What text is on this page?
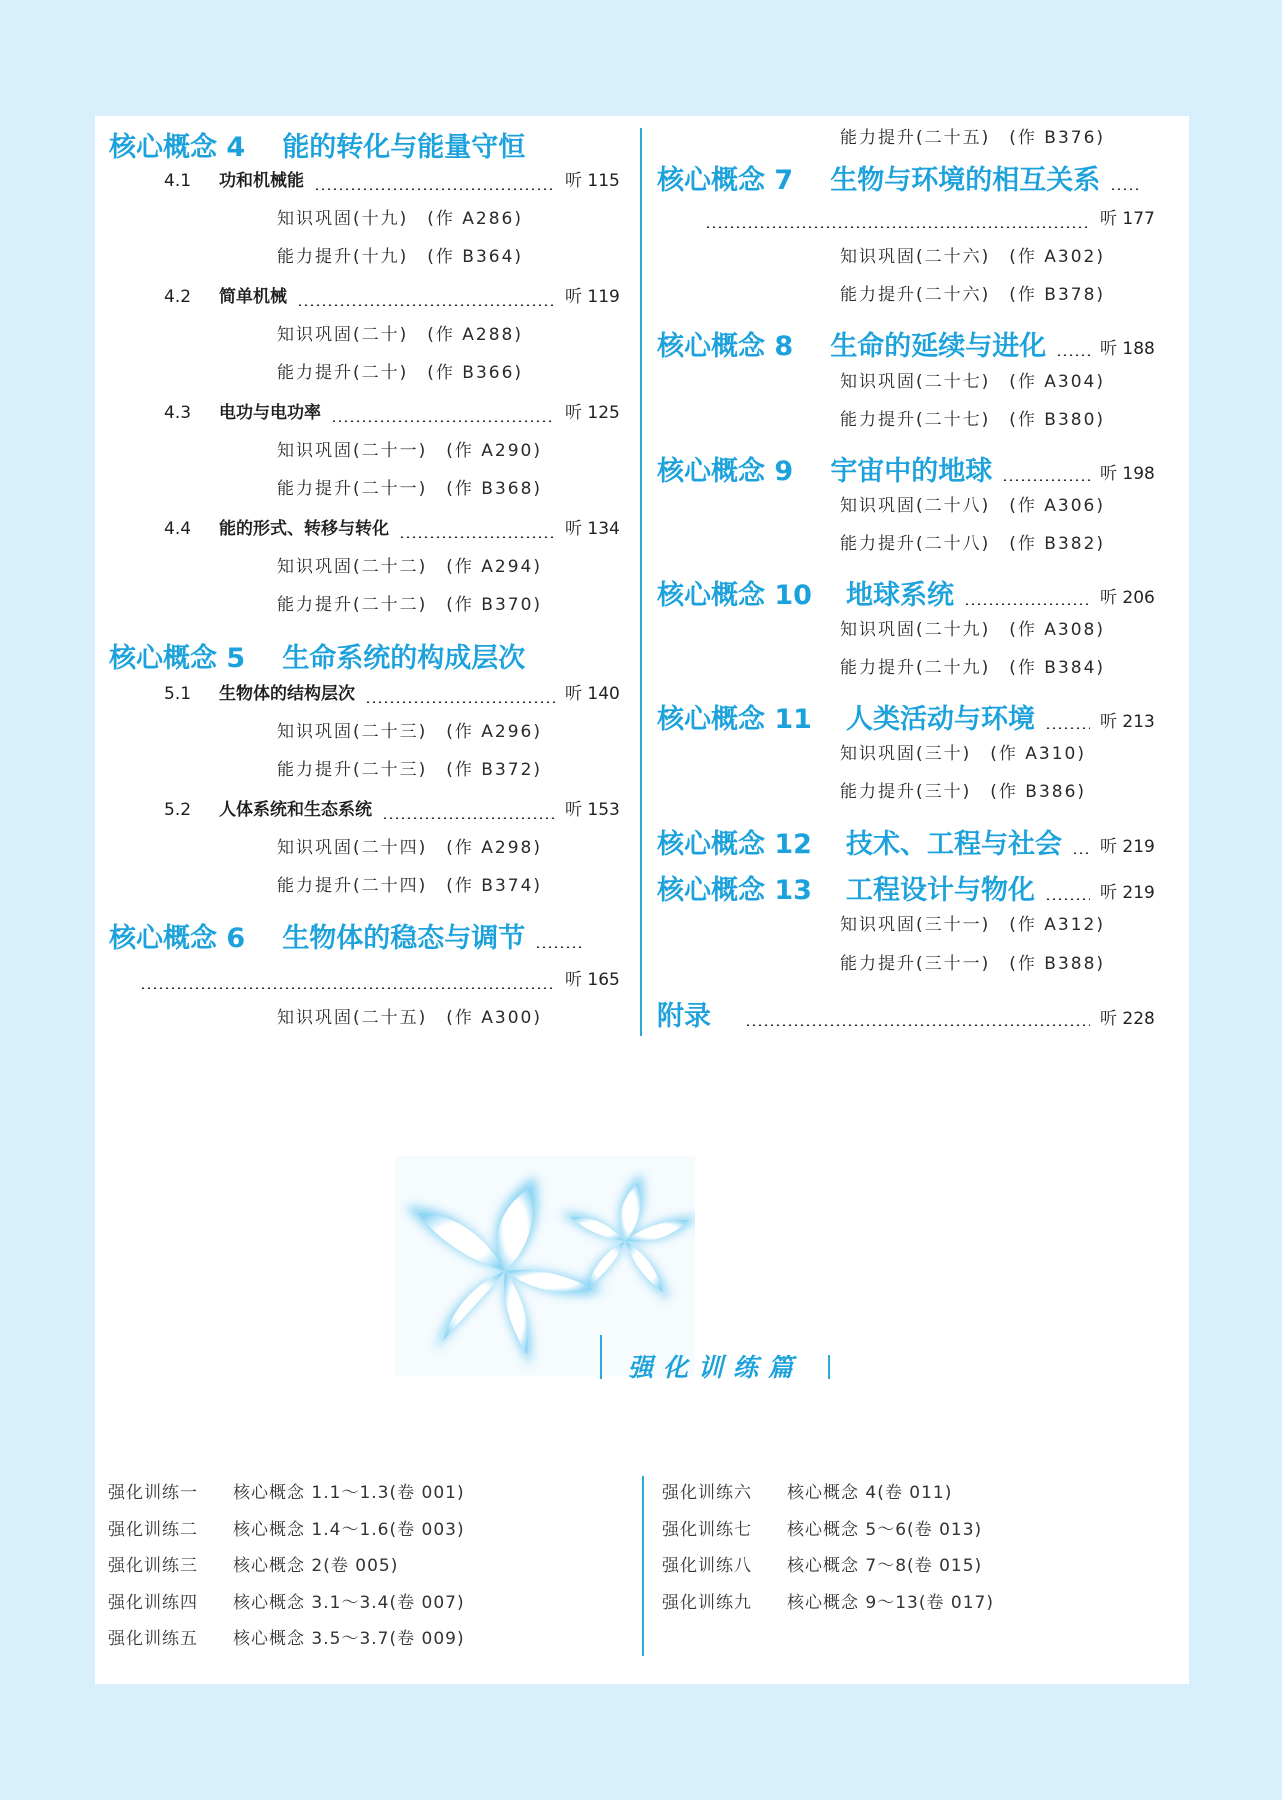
核心概念 4 能的转化与能量守恒
4.1 功和机械能	听 115
知识巩固(十九)　(作 A286)
能力提升(十九)　(作 B364)
4.2 简单机械	听 119
知识巩固(二十)　(作 A288)
能力提升(二十)　(作 B366)
4.3 电功与电功率	听 125
知识巩固(二十一)　(作 A290)
能力提升(二十一)　(作 B368)
4.4 能的形式、转移与转化	听 134
知识巩固(二十二)　(作 A294)
能力提升(二十二)　(作 B370)
核心概念 5 生命系统的构成层次
5.1 生物体的结构层次	听 140
知识巩固(二十三)　(作 A296)
能力提升(二十三)　(作 B372)
5.2 人体系统和生态系统	听 153
知识巩固(二十四)　(作 A298)
能力提升(二十四)　(作 B374)
核心概念 6 生物体的稳态与调节
听 165
知识巩固(二十五)　(作 A300)
能力提升(二十五)　(作 B376)
核心概念 7 生物与环境的相互关系
听 177
知识巩固(二十六)　(作 A302)
能力提升(二十六)　(作 B378)
核心概念 8 生命的延续与进化	听 188
知识巩固(二十七)　(作 A304)
能力提升(二十七)　(作 B380)
核心概念 9 宇宙中的地球	听 198
知识巩固(二十八)　(作 A306)
能力提升(二十八)　(作 B382)
核心概念 10 地球系统	听 206
知识巩固(二十九)　(作 A308)
能力提升(二十九)　(作 B384)
核心概念 11 人类活动与环境	听 213
知识巩固(三十)　(作 A310)
能力提升(三十)　(作 B386)
核心概念 12 技术、工程与社会 听 219
核心概念 13 工程设计与物化	听 219
知识巩固(三十一)　(作 A312)
能力提升(三十一)　(作 B388)
附录	听 228
强化训练篇
强化训练一 核心概念 1.1～1.3(卷 001)
强化训练二 核心概念 1.4～1.6(卷 003)
强化训练三 核心概念 2(卷 005)
强化训练四 核心概念 3.1～3.4(卷 007)
强化训练五 核心概念 3.5～3.7(卷 009)
强化训练六 核心概念 4(卷 011)
强化训练七 核心概念 5～6(卷 013)
强化训练八 核心概念 7～8(卷 015)
强化训练九 核心概念 9～13(卷 017)
